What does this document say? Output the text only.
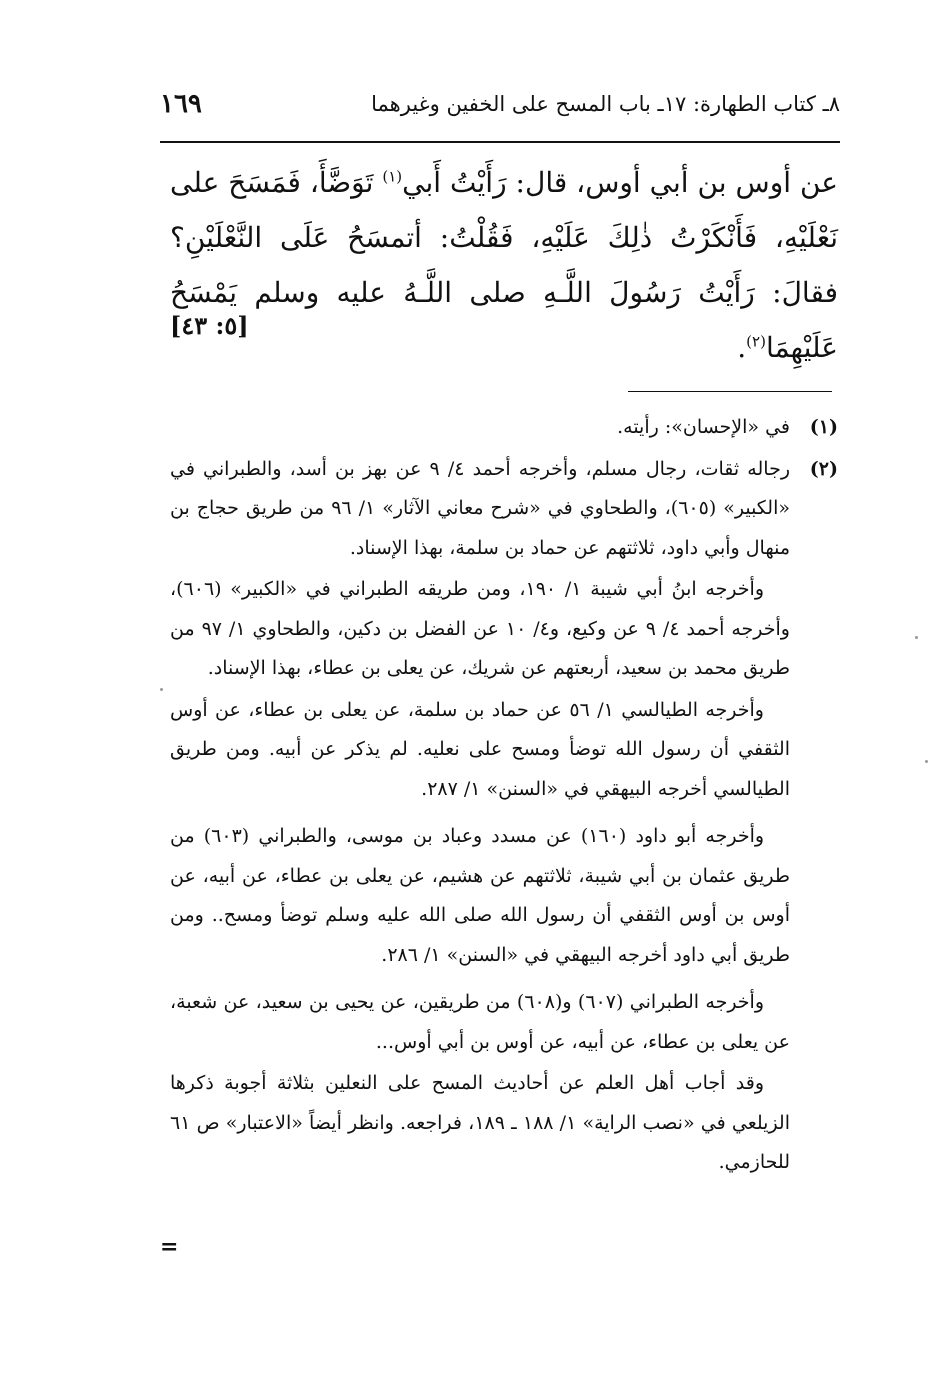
٨ـ كتاب الطهارة: ١٧ـ باب المسح على الخفين وغيرهما
١٦٩

عن أوس بن أبي أوس، قال: رَأَيْتُ أَبي$^{(١)}$ تَوَضَّأَ، فَمَسَحَ على نَعْلَيْهِ، فَأَنْكَرْتُ ذٰلِكَ عَلَيْهِ، فَقُلْتُ: أتمسَحُ عَلَى النَّعْلَيْنِ؟ فقالَ: رَأَيْتُ رَسُولَ اللَّـهِ صلى اللَّـهُ عليه وسلم يَمْسَحُ عَلَيْهِمَا$^{(٢)}$.

[٥: ٤٣]
(١)

في «الإحسان»: رأيته.

(٢)

رجاله ثقات، رجال مسلم، وأخرجه أحمد ٤/ ٩ عن بهز بن أسد، والطبراني في «الكبير» (٦٠٥)، والطحاوي في «شرح معاني الآثار» ١/ ٩٦ من طريق حجاج بن منهال وأبي داود، ثلاثتهم عن حماد بن سلمة، بهذا الإسناد.

وأخرجه ابنُ أبي شيبة ١/ ١٩٠، ومن طريقه الطبراني في «الكبير» (٦٠٦)، وأخرجه أحمد ٤/ ٩ عن وكيع، و٤/ ١٠ عن الفضل بن دكين، والطحاوي ١/ ٩٧ من طريق محمد بن سعيد، أربعتهم عن شريك، عن يعلى بن عطاء، بهذا الإسناد.

وأخرجه الطيالسي ١/ ٥٦ عن حماد بن سلمة، عن يعلى بن عطاء، عن أوس الثقفي أن رسول الله توضأ ومسح على نعليه. لم يذكر عن أبيه. ومن طريق الطيالسي أخرجه البيهقي في «السنن» ١/ ٢٨٧.

وأخرجه أبو داود (١٦٠) عن مسدد وعباد بن موسى، والطبراني (٦٠٣) من طريق عثمان بن أبي شيبة، ثلاثتهم عن هشيم، عن يعلى بن عطاء، عن أبيه، عن أوس بن أوس الثقفي أن رسول الله صلى الله عليه وسلم توضأ ومسح.. ومن طريق أبي داود أخرجه البيهقي في «السنن» ١/ ٢٨٦.

وأخرجه الطبراني (٦٠٧) و(٦٠٨) من طريقين، عن يحيى بن سعيد، عن شعبة، عن يعلى بن عطاء، عن أبيه، عن أوس بن أبي أوس...

وقد أجاب أهل العلم عن أحاديث المسح على النعلين بثلاثة أجوبة ذكرها الزيلعي في «نصب الراية» ١/ ١٨٨ ـ ١٨٩، فراجعه. وانظر أيضاً «الاعتبار» ص ٦١ للحازمي.

=
